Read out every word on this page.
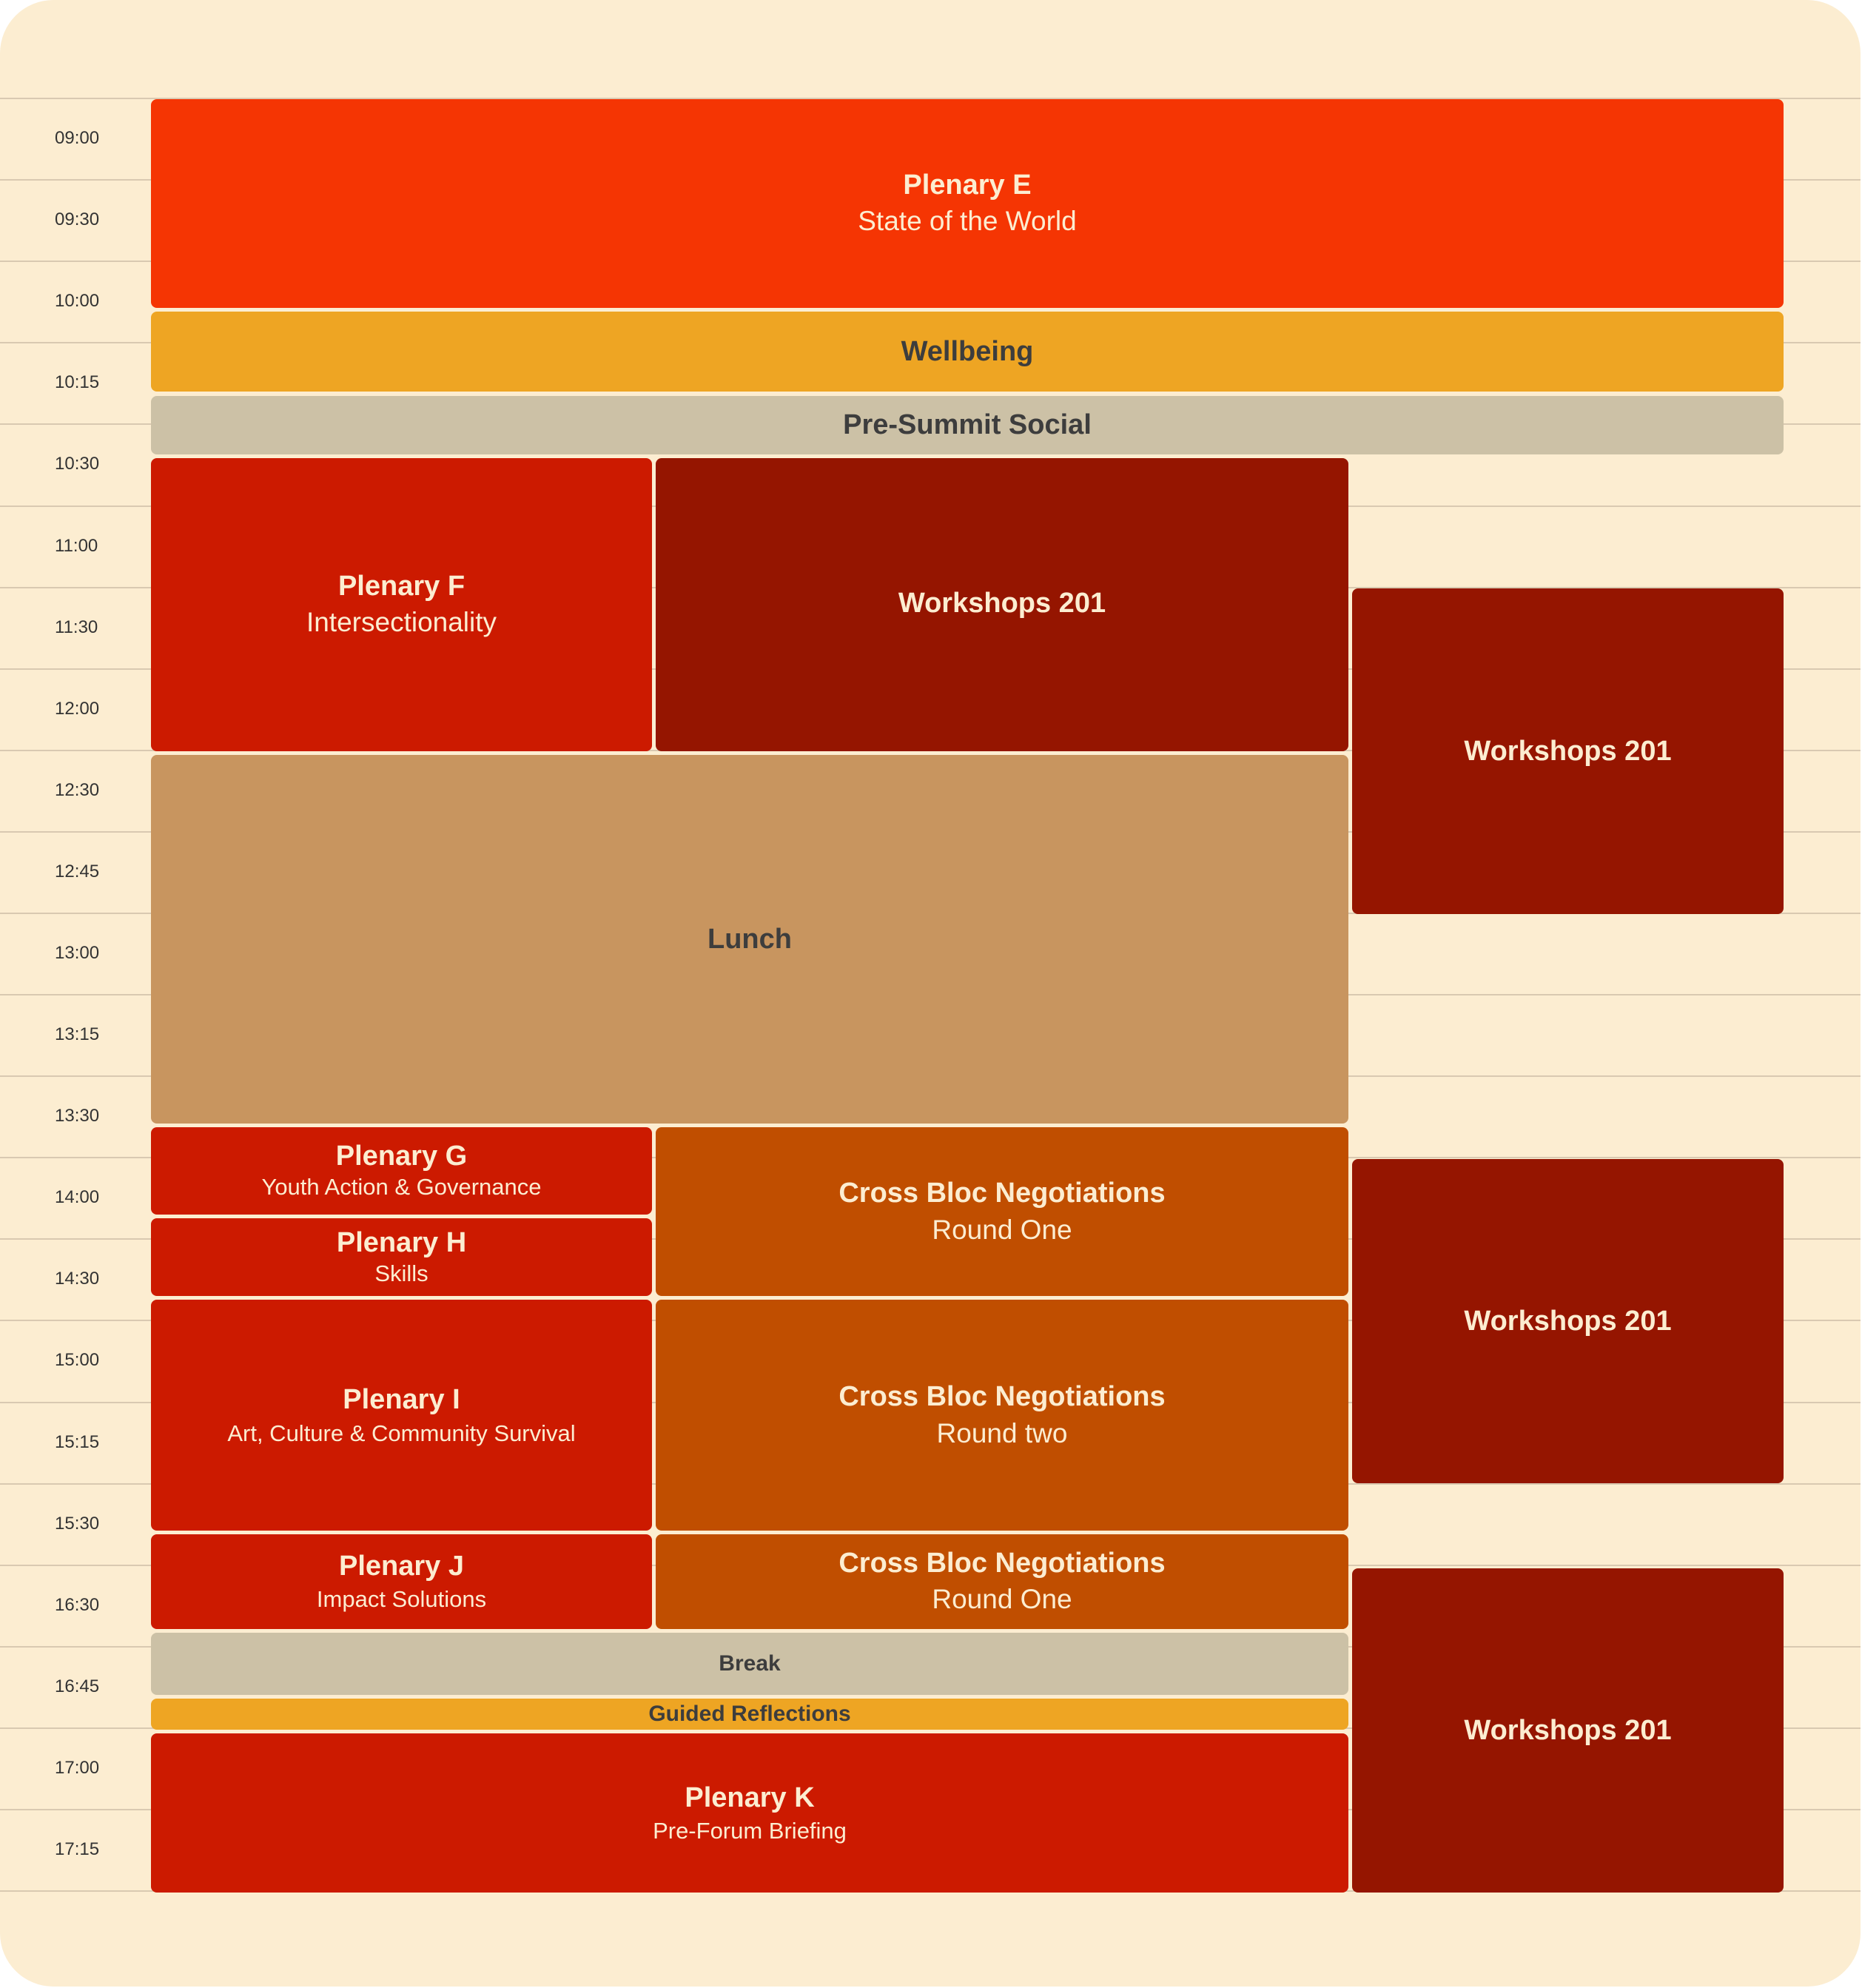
09:00
09:30
10:00
10:15
10:30
11:00
11:30
12:00
12:30
12:45
13:00
13:15
13:30
14:00
14:30
15:00
15:15
15:30
16:30
16:45
17:00
17:15
Plenary E
State of the World
Wellbeing
Pre-Summit Social
Plenary F
Intersectionality
Workshops 201
Workshops 201
Lunch
Plenary G
Youth Action & Governance
Plenary H
Skills
Cross Bloc Negotiations
Round One
Workshops 201
Plenary I
Art, Culture & Community Survival
Cross Bloc Negotiations
Round two
Plenary J
Impact Solutions
Cross Bloc Negotiations
Round One
Workshops 201
Break
Guided Reflections
Plenary K
Pre-Forum Briefing
